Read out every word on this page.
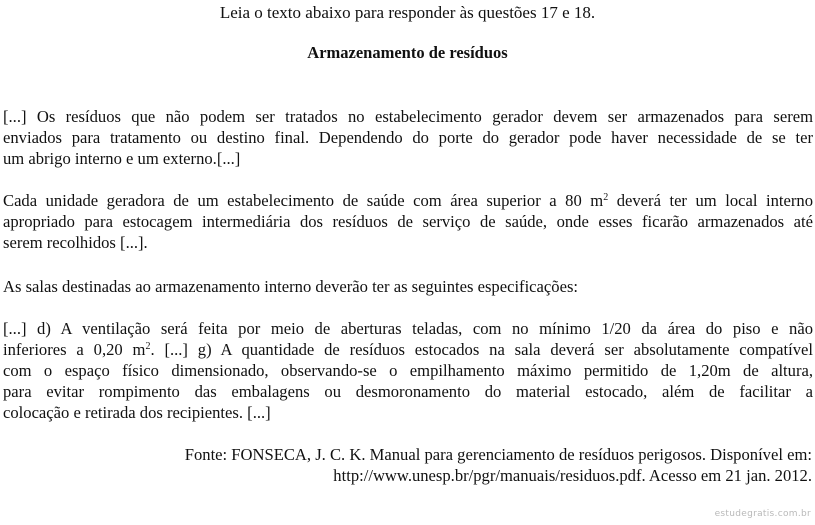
Leia o texto abaixo para responder às questões 17 e 18.
Armazenamento de resíduos
[...] Os resíduos que não podem ser tratados no estabelecimento gerador devem ser armazenados para serem
enviados para tratamento ou destino final. Dependendo do porte do gerador pode haver necessidade de se ter
um abrigo interno e um externo.[...]
Cada unidade geradora de um estabelecimento de saúde com área superior a 80 $m^2$ deverá ter um local interno
apropriado para estocagem intermediária dos resíduos de serviço de saúde, onde esses ficarão armazenados até
serem recolhidos [...].
As salas destinadas ao armazenamento interno deverão ter as seguintes especificações:
[...] d) A ventilação será feita por meio de aberturas teladas, com no mínimo 1/20 da área do piso e não
inferiores a 0,20 $m^2$. [...] g) A quantidade de resíduos estocados na sala deverá ser absolutamente compatível
com o espaço físico dimensionado, observando-se o empilhamento máximo permitido de 1,20m de altura,
para evitar rompimento das embalagens ou desmoronamento do material estocado, além de facilitar a
colocação e retirada dos recipientes. [...]
Fonte: FONSECA, J. C. K. Manual para gerenciamento de resíduos perigosos. Disponível em:
http://www.unesp.br/pgr/manuais/residuos.pdf. Acesso em 21 jan. 2012.
estudegratis.com.br
